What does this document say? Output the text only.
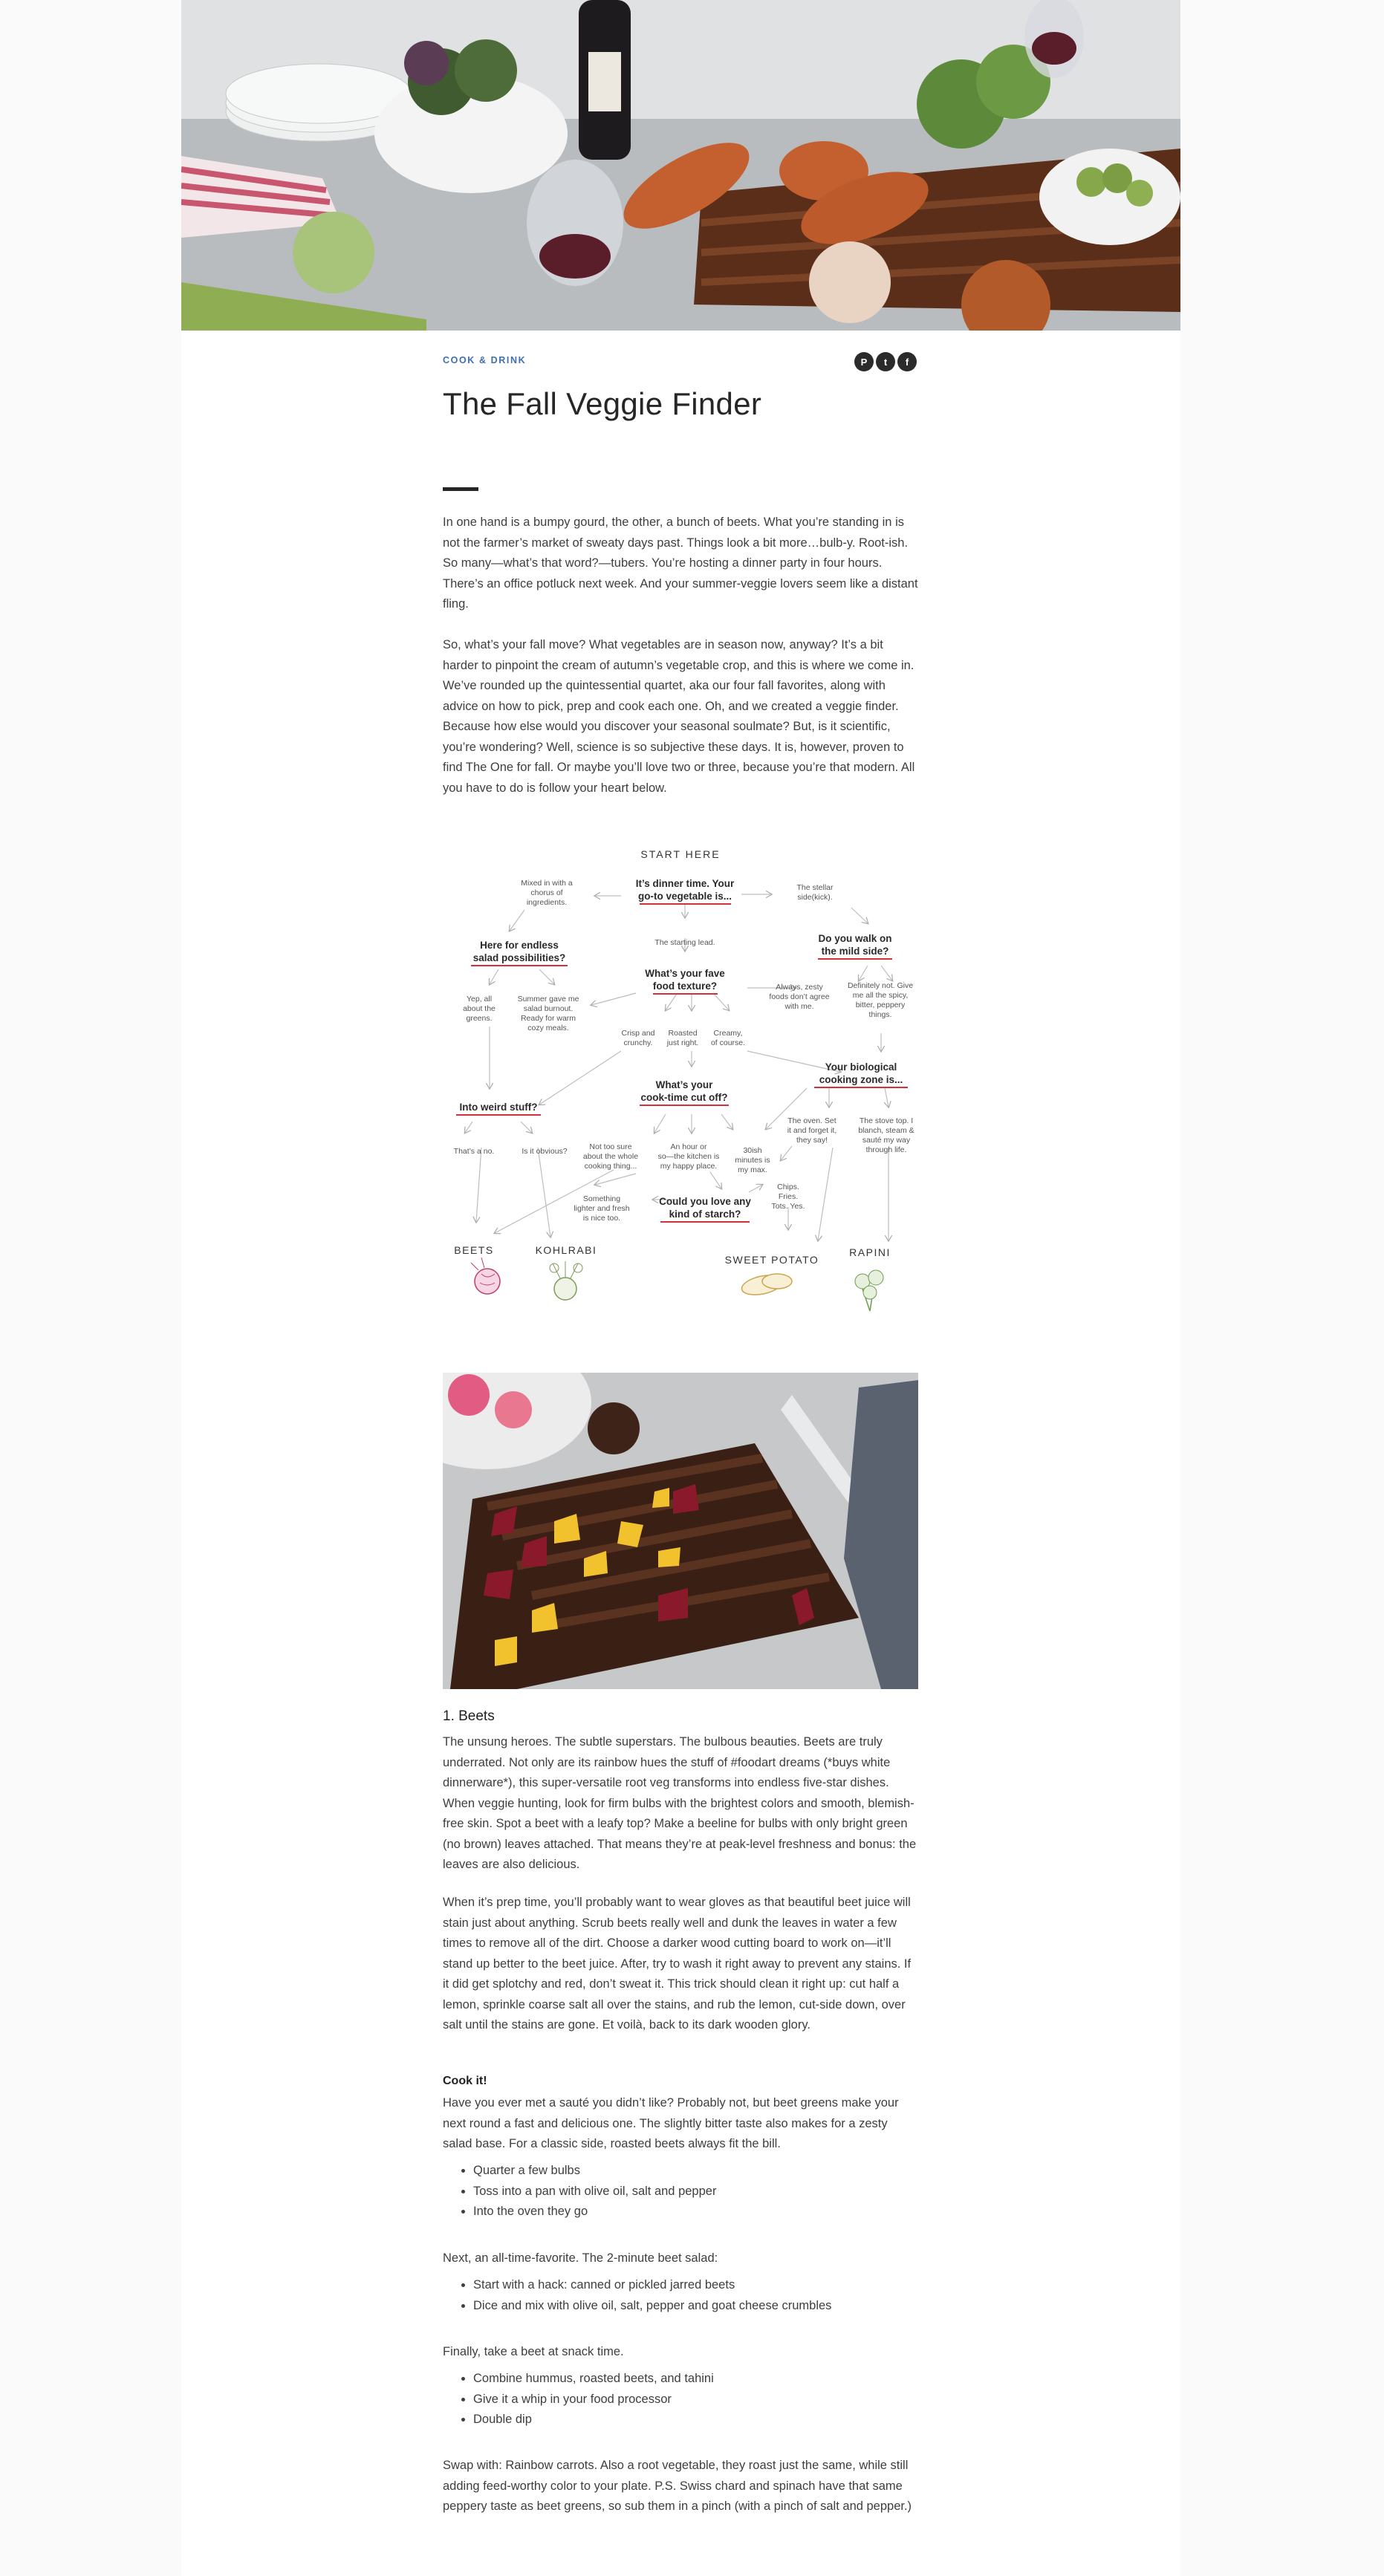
COOK & DRINK	P	t	f
The Fall Veggie Finder

In one hand is a bumpy gourd, the other, a bunch of beets. What you’re standing in is not the farmer’s market of sweaty days past. Things look a bit more…bulb-y. Root-ish. So many—what’s that word?—tubers. You’re hosting a dinner party in four hours. There’s an office potluck next week. And your summer-veggie lovers seem like a distant fling.

So, what’s your fall move? What vegetables are in season now, anyway? It’s a bit harder to pinpoint the cream of autumn’s vegetable crop, and this is where we come in. We’ve rounded up the quintessential quartet, aka our four fall favorites, along with advice on how to pick, prep and cook each one. Oh, and we created a veggie finder. Because how else would you discover your seasonal soulmate? But, is it scientific, you’re wondering? Well, science is so subjective these days. It is, however, proven to find The One for fall. Or maybe you’ll love two or three, because you’re that modern. All you have to do is follow your heart below.

START HERE
It’s dinner time. Your
go-to vegetable is...
Here for endless
salad possibilities?
Do you walk on
the mild side?
What’s your fave
food texture?
What’s your
cook-time cut off?
Your biological
cooking zone is...
Into weird stuff?
Could you love any
kind of starch?
Mixed in with a
chorus of
ingredients.
The stellar
side(kick).
The starting lead.
Yep, all
about the
greens.
Summer gave me
salad burnout.
Ready for warm
cozy meals.
Always, zesty
foods don’t agree
with me.
Definitely not. Give
me all the spicy,
bitter, peppery
things.
Crisp and
crunchy.
Roasted
just right.
Creamy,
of course.
The oven. Set
it and forget it,
they say!
The stove top. I
blanch, steam &
sauté my way
through life.
That’s a no.	Is it obvious?	Not too sure
about the whole
cooking thing...
An hour or
so—the kitchen is
my happy place.
30ish
minutes is
my max.
Something
lighter and fresh
is nice too.
Chips.
Fries.
Tots. Yes.
BEETS	KOHLRABI
SWEET POTATO
RAPINI
1. Beets

The unsung heroes. The subtle superstars. The bulbous beauties. Beets are truly underrated. Not only are its rainbow hues the stuff of #foodart dreams (*buys white dinnerware*), this super-versatile root veg transforms into endless five-star dishes. When veggie hunting, look for firm bulbs with the brightest colors and smooth, blemish-free skin. Spot a beet with a leafy top? Make a beeline for bulbs with only bright green (no brown) leaves attached. That means they’re at peak-level freshness and bonus: the leaves are also delicious.

When it’s prep time, you’ll probably want to wear gloves as that beautiful beet juice will stain just about anything. Scrub beets really well and dunk the leaves in water a few times to remove all of the dirt. Choose a darker wood cutting board to work on—it’ll stand up better to the beet juice. After, try to wash it right away to prevent any stains. If it did get splotchy and red, don’t sweat it. This trick should clean it right up: cut half a lemon, sprinkle coarse salt all over the stains, and rub the lemon, cut-side down, over salt until the stains are gone. Et voilà, back to its dark wooden glory.

Cook it!

Have you ever met a sauté you didn’t like? Probably not, but beet greens make your next round a fast and delicious one. The slightly bitter taste also makes for a zesty salad base. For a classic side, roasted beets always fit the bill.

• Quarter a few bulbs
• Toss into a pan with olive oil, salt and pepper
• Into the oven they go

Next, an all-time-favorite. The 2-minute beet salad:

• Start with a hack: canned or pickled jarred beets
• Dice and mix with olive oil, salt, pepper and goat cheese crumbles

Finally, take a beet at snack time.

• Combine hummus, roasted beets, and tahini
• Give it a whip in your food processor
• Double dip

Swap with: Rainbow carrots. Also a root vegetable, they roast just the same, while still adding feed-worthy color to your plate. P.S. Swiss chard and spinach have that same peppery taste as beet greens, so sub them in a pinch (with a pinch of salt and pepper.)
